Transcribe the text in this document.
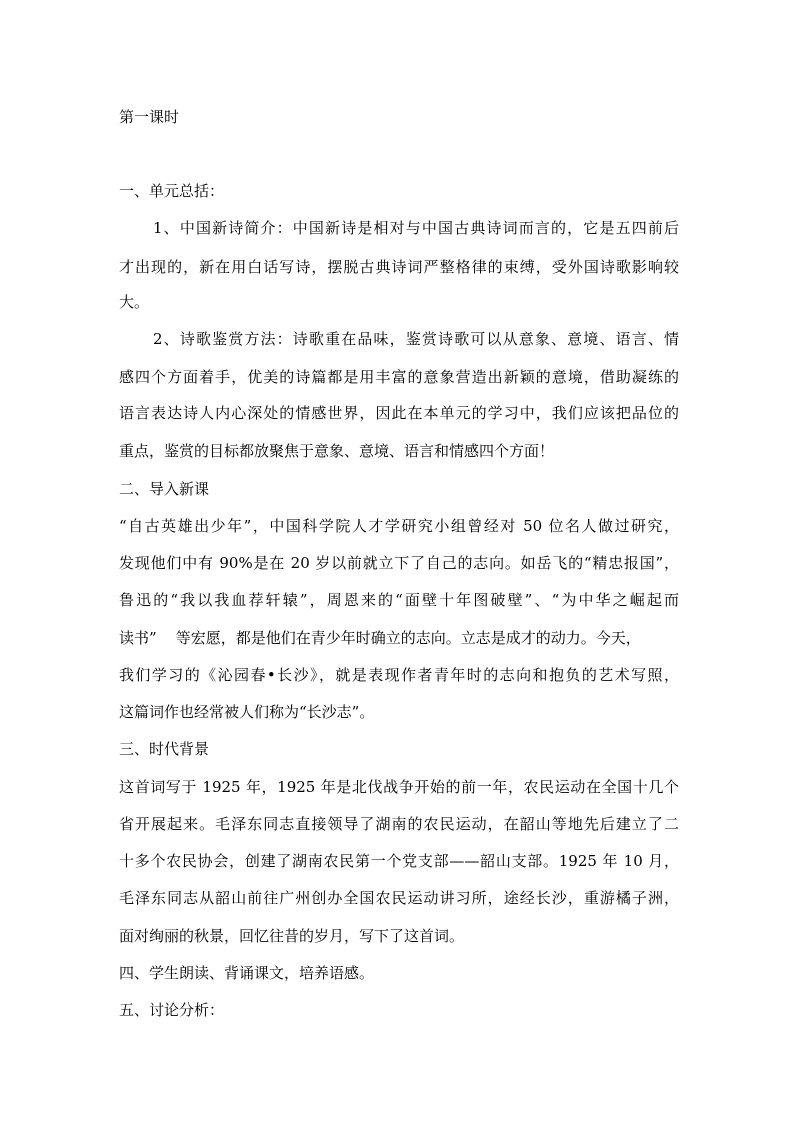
第一课时
一、单元总括：
1、中国新诗简介：中国新诗是相对与中国古典诗词而言的，它是五四前后
才出现的，新在用白话写诗，摆脱古典诗词严整格律的束缚，受外国诗歌影响较
大。
2、诗歌鉴赏方法：诗歌重在品味，鉴赏诗歌可以从意象、意境、语言、情
感四个方面着手，优美的诗篇都是用丰富的意象营造出新颖的意境，借助凝练的
语言表达诗人内心深处的情感世界，因此在本单元的学习中，我们应该把品位的
重点，鉴赏的目标都放聚焦于意象、意境、语言和情感四个方面！
二、导入新课
“自古英雄出少年”，中国科学院人才学研究小组曾经对 50 位名人做过研究，
发现他们中有 90%是在 20 岁以前就立下了自己的志向。如岳飞的“精忠报国”，
鲁迅的“我以我血荐轩辕”，周恩来的“面壁十年图破壁”、“为中华之崛起而
读书”    等宏愿，都是他们在青少年时确立的志向。立志是成才的动力。今天，
我们学习的《沁园春•长沙》，就是表现作者青年时的志向和抱负的艺术写照，
这篇词作也经常被人们称为“长沙志”。
三、时代背景
这首词写于 1925 年，1925 年是北伐战争开始的前一年，农民运动在全国十几个
省开展起来。毛泽东同志直接领导了湖南的农民运动，在韶山等地先后建立了二
十多个农民协会，创建了湖南农民第一个党支部——韶山支部。1925 年 10 月，
毛泽东同志从韶山前往广州创办全国农民运动讲习所，途经长沙，重游橘子洲，
面对绚丽的秋景，回忆往昔的岁月，写下了这首词。
四、学生朗读、背诵课文，培养语感。
五、讨论分析：
